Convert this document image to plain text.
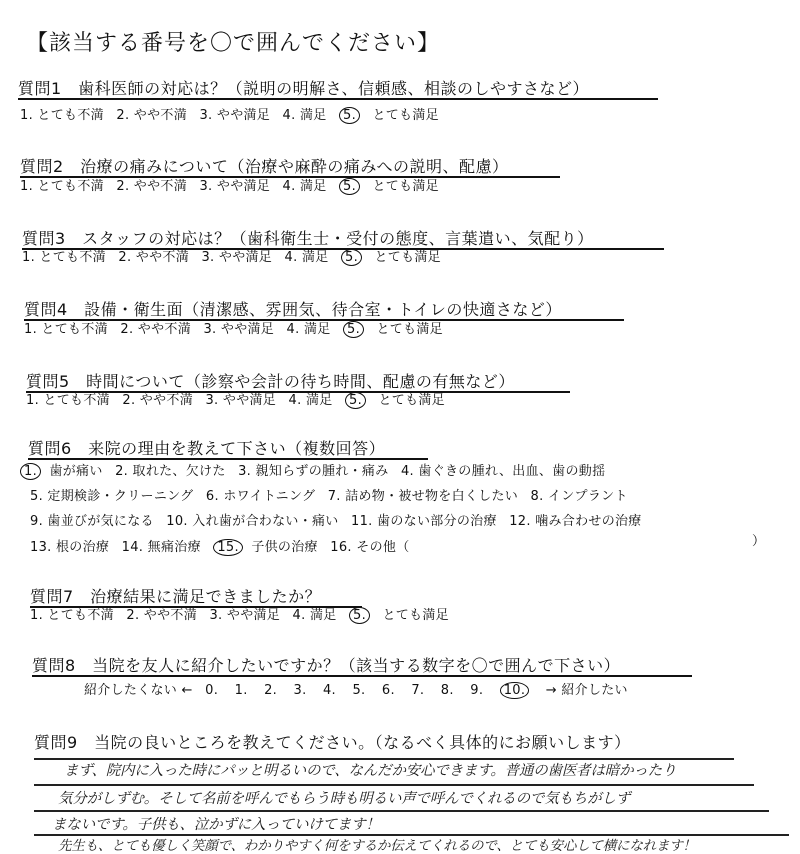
【該当する番号を〇で囲んでください】
質問1　歯科医師の対応は？（説明の明解さ、信頼感、相談のしやすさなど）
1. とても不満 2. やや不満 3. やや満足 4. 満足 5. とても満足
質問2　治療の痛みについて（治療や麻酔の痛みへの説明、配慮）
1. とても不満 2. やや不満 3. やや満足 4. 満足 5. とても満足
質問3　スタッフの対応は？（歯科衛生士・受付の態度、言葉遣い、気配り）
1. とても不満 2. やや不満 3. やや満足 4. 満足 5. とても満足
質問4　設備・衛生面（清潔感、雰囲気、待合室・トイレの快適さなど）
1. とても不満 2. やや不満 3. やや満足 4. 満足 5. とても満足
質問5　時間について（診察や会計の待ち時間、配慮の有無など）
1. とても不満 2. やや不満 3. やや満足 4. 満足 5. とても満足
質問6　来院の理由を教えて下さい（複数回答）
1. 歯が痛い 2. 取れた、欠けた 3. 親知らずの腫れ・痛み 4. 歯ぐきの腫れ、出血、歯の動揺
5. 定期検診・クリーニング 6. ホワイトニング 7. 詰め物・被せ物を白くしたい 8. インプラント
9. 歯並びが気になる 10. 入れ歯が合わない・痛い 11. 歯のない部分の治療 12. 噛み合わせの治療
13. 根の治療 14. 無痛治療 15. 子供の治療 16. その他（	）
質問7　治療結果に満足できましたか？
1. とても不満 2. やや不満 3. やや満足 4. 満足 5. とても満足
質問8　当院を友人に紹介したいですか？（該当する数字を〇で囲んで下さい）
紹介したくない ← 0. 1. 2. 3. 4. 5. 6. 7. 8. 9. 10. → 紹介したい
質問9　当院の良いところを教えてください。（なるべく具体的にお願いします）
まず、院内に入った時にパッと明るいので、なんだか安心できます。普通の歯医者は暗かったり
気分がしずむ。そして名前を呼んでもらう時も明るい声で呼んでくれるので気もちがしず
まないです。子供も、泣かずに入っていけてます！
先生も、とても優しく笑顔で、わかりやすく何をするか伝えてくれるので、とても安心して横になれます！
